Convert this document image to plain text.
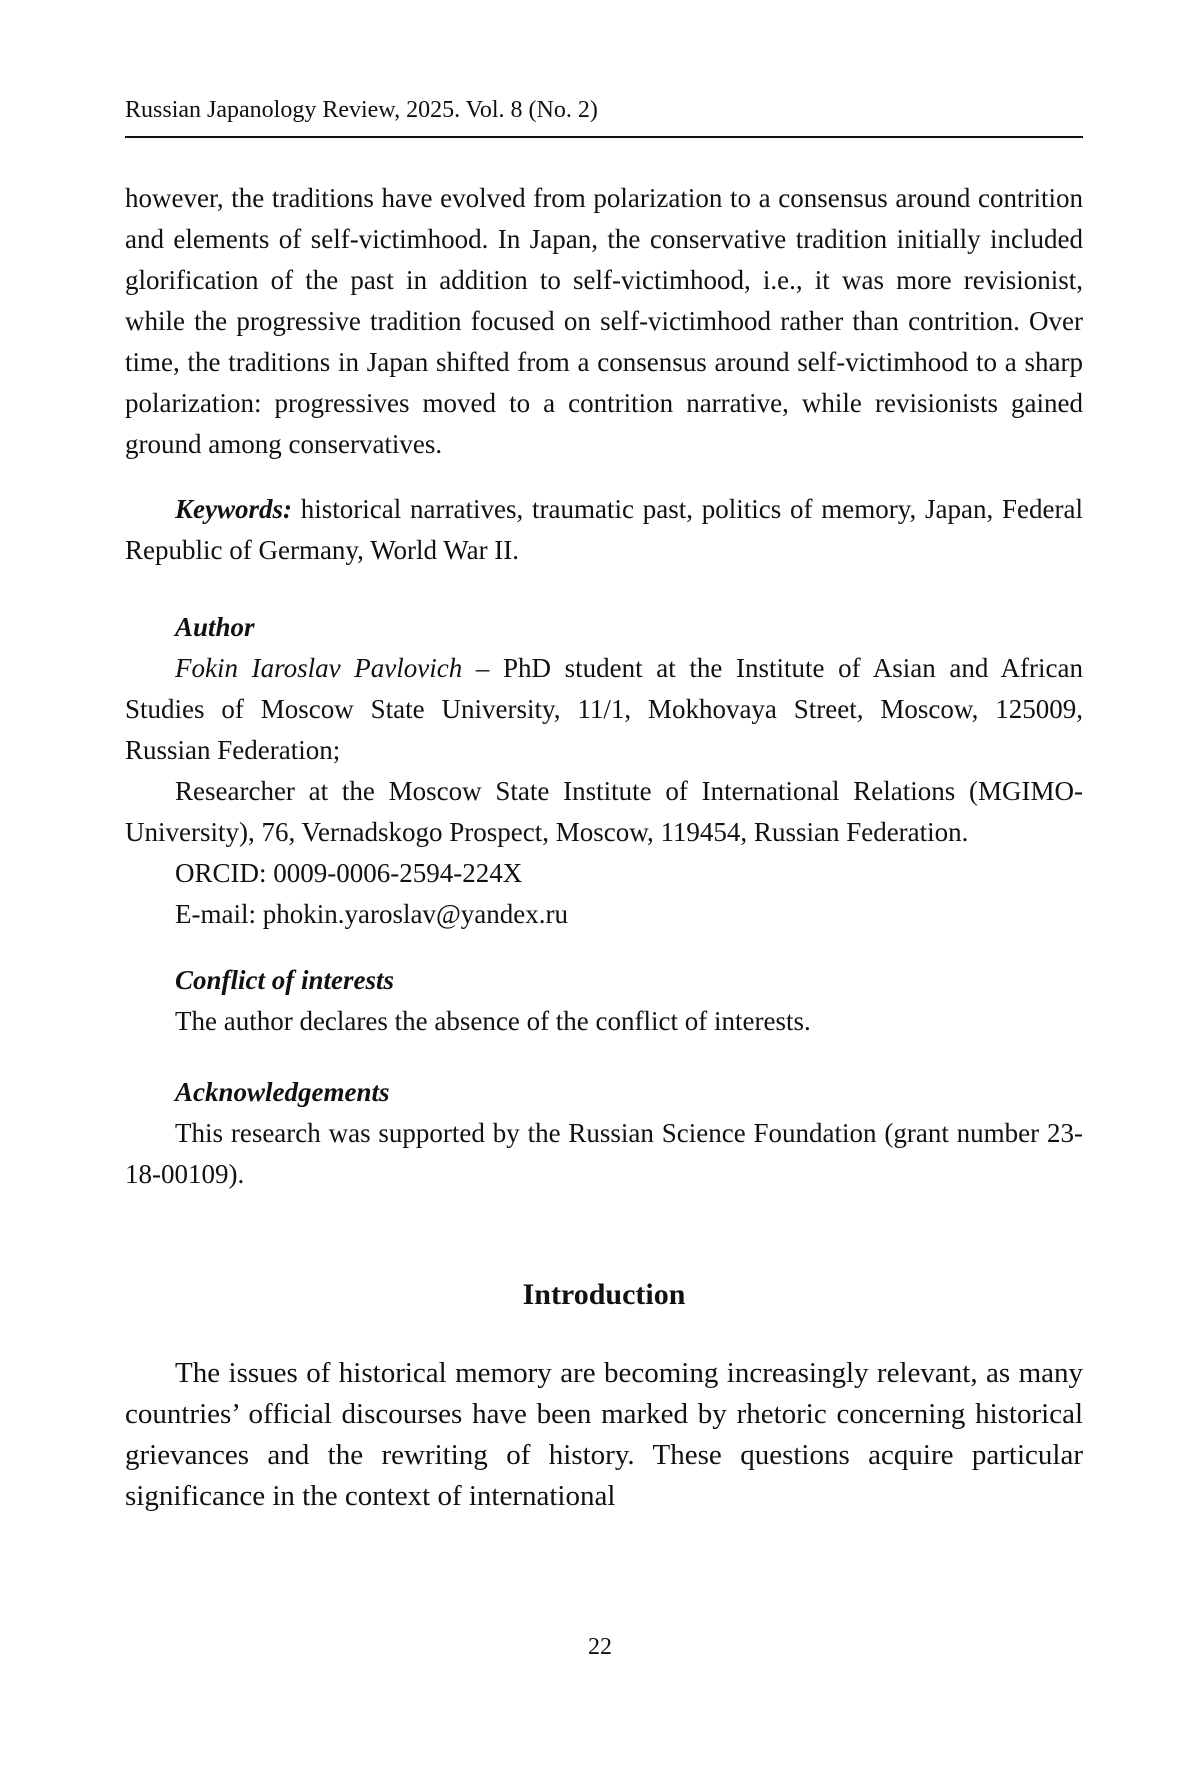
Russian Japanology Review, 2025. Vol. 8 (No. 2)

however, the traditions have evolved from polarization to a consensus around contrition and elements of self-victimhood. In Japan, the conservative tradition initially included glorification of the past in addition to self-victimhood, i.e., it was more revisionist, while the progressive tradition focused on self-victimhood rather than contrition. Over time, the traditions in Japan shifted from a consensus around self-victimhood to a sharp polarization: progressives moved to a contrition narrative, while revisionists gained ground among conservatives.

Keywords: historical narratives, traumatic past, politics of memory, Japan, Federal Republic of Germany, World War II.

Author

Fokin Iaroslav Pavlovich – PhD student at the Institute of Asian and African Studies of Moscow State University, 11/1, Mokhovaya Street, Moscow, 125009, Russian Federation;

Researcher at the Moscow State Institute of International Relations (MGIMO-University), 76, Vernadskogo Prospect, Moscow, 119454, Russian Federation.

ORCID: 0009-0006-2594-224X

E-mail: phokin.yaroslav@yandex.ru

Conflict of interests

The author declares the absence of the conflict of interests.

Acknowledgements

This research was supported by the Russian Science Foundation (grant number 23-18-00109).

Introduction

The issues of historical memory are becoming increasingly relevant, as many countries’ official discourses have been marked by rhetoric concerning historical grievances and the rewriting of history. These questions acquire particular significance in the context of international

22
